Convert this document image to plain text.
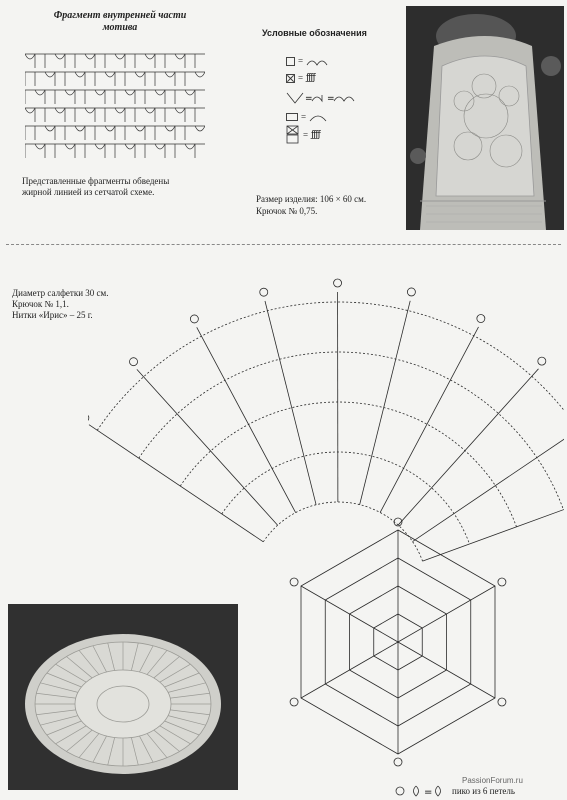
Фрагмент внутренней части
мотива
Представленные фрагменты обведены
жирной линией из сетчатой схеме.
Условные обозначения
=
= ƒƒƒƒ
= =
=
= ƒƒƒƒ
Размер изделия: 106 × 60 см.
Крючок № 0,75.
Диаметр салфетки 30 см.
Крючок № 1,1.
Нитки «Ирис» – 25 г.
= пико из 6 петель
PassionForum.ru
